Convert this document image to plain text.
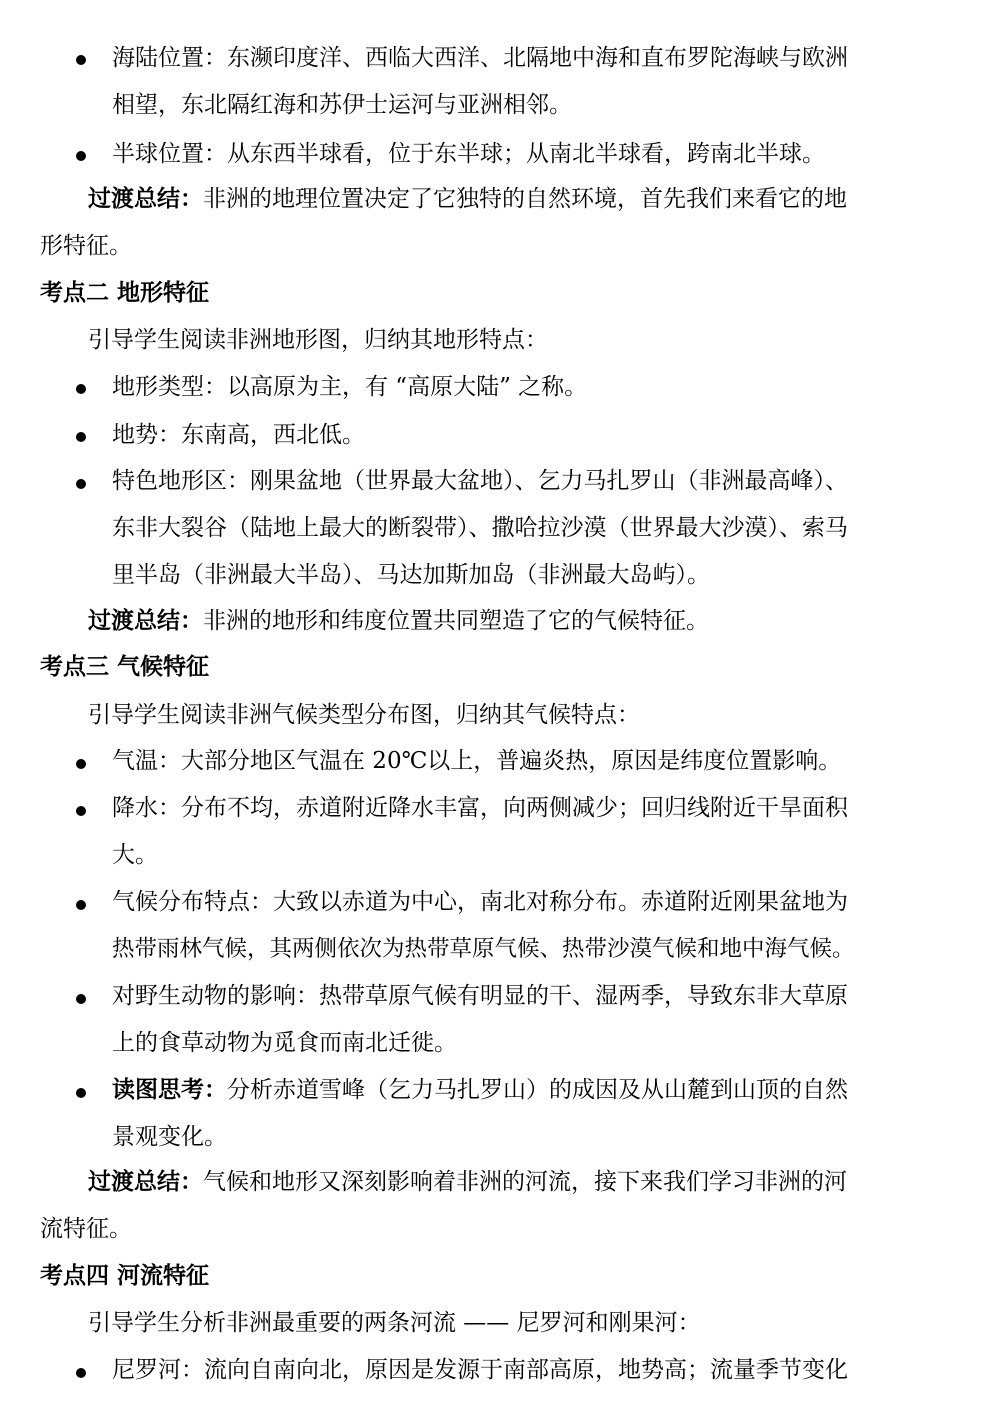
海陆位置：东濒印度洋、西临大西洋、北隔地中海和直布罗陀海峡与欧洲
相望，东北隔红海和苏伊士运河与亚洲相邻。
半球位置：从东西半球看，位于东半球；从南北半球看，跨南北半球。
过渡总结：非洲的地理位置决定了它独特的自然环境，首先我们来看它的地
形特征。
考点二 地形特征
引导学生阅读非洲地形图，归纳其地形特点：
地形类型：以高原为主，有 “高原大陆” 之称。
地势：东南高，西北低。
特色地形区：刚果盆地（世界最大盆地）、乞力马扎罗山（非洲最高峰）、
东非大裂谷（陆地上最大的断裂带）、撒哈拉沙漠（世界最大沙漠）、索马
里半岛（非洲最大半岛）、马达加斯加岛（非洲最大岛屿）。
过渡总结：非洲的地形和纬度位置共同塑造了它的气候特征。
考点三 气候特征
引导学生阅读非洲气候类型分布图，归纳其气候特点：
气温：大部分地区气温在 20℃以上，普遍炎热，原因是纬度位置影响。
降水：分布不均，赤道附近降水丰富，向两侧减少；回归线附近干旱面积
大。
气候分布特点：大致以赤道为中心，南北对称分布。赤道附近刚果盆地为
热带雨林气候，其两侧依次为热带草原气候、热带沙漠气候和地中海气候。
对野生动物的影响：热带草原气候有明显的干、湿两季，导致东非大草原
上的食草动物为觅食而南北迁徙。
读图思考：分析赤道雪峰（乞力马扎罗山）的成因及从山麓到山顶的自然
景观变化。
过渡总结：气候和地形又深刻影响着非洲的河流，接下来我们学习非洲的河
流特征。
考点四 河流特征
引导学生分析非洲最重要的两条河流 —— 尼罗河和刚果河：
尼罗河：流向自南向北，原因是发源于南部高原，地势高；流量季节变化
